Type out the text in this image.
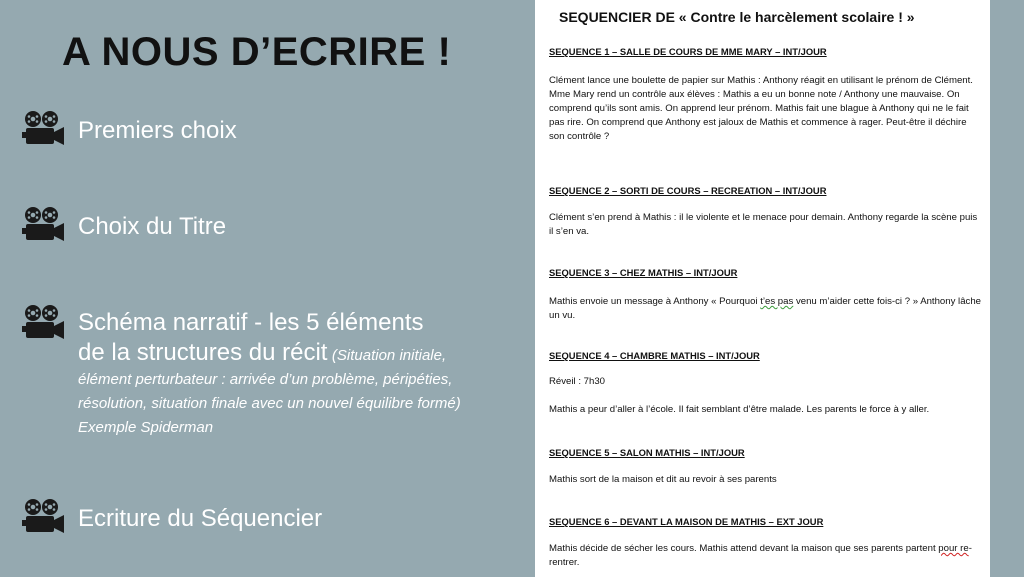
A NOUS D’ECRIRE !
Premiers choix
Choix du Titre
Schéma narratif - les 5 éléments
de la structures du récit (Situation initiale, élément perturbateur : arrivée d’un problème, péripéties, résolution, situation finale avec un nouvel équilibre formé) Exemple Spiderman
Ecriture du Séquencier
SEQUENCIER DE « Contre le harcèlement scolaire ! »

SEQUENCE 1 – SALLE DE COURS DE MME MARY – INT/JOUR

Clément lance une boulette de papier sur Mathis : Anthony réagit en utilisant le prénom de Clément.

Mme Mary rend un contrôle aux élèves : Mathis a eu un bonne note / Anthony une mauvaise. On comprend qu’ils sont amis. On apprend leur prénom. Mathis fait une blague à Anthony qui ne le fait pas rire. On comprend que Anthony est jaloux de Mathis et commence à rager. Peut-être il déchire son contrôle ?

SEQUENCE 2 – SORTI DE COURS – RECREATION – INT/JOUR

Clément s’en prend à Mathis : il le violente et le menace pour demain. Anthony regarde la scène puis il s’en va.

SEQUENCE 3 – CHEZ MATHIS – INT/JOUR

Mathis envoie un message à Anthony « Pourquoi t’es pas venu m’aider cette fois-ci ? » Anthony lâche un vu.

SEQUENCE 4 – CHAMBRE MATHIS – INT/JOUR

Réveil : 7h30

Mathis a peur d’aller à l’école. Il fait semblant d’être malade. Les parents le force à y aller.

SEQUENCE 5 – SALON MATHIS – INT/JOUR

Mathis sort de la maison et dit au revoir à ses parents

SEQUENCE 6 – DEVANT LA MAISON DE MATHIS – EXT JOUR

Mathis décide de sécher les cours. Mathis attend devant la maison que ses parents partent pour re-rentrer.
